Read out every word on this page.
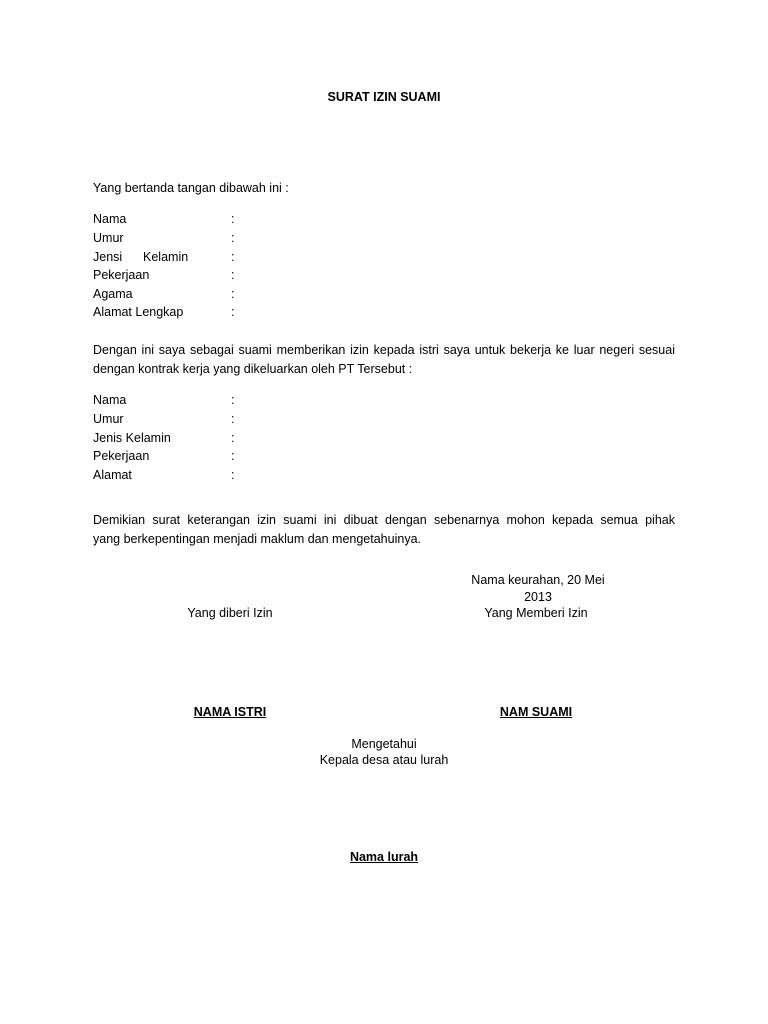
SURAT IZIN SUAMI
Yang bertanda tangan dibawah ini :
Nama	:
Umur	:
Jensi      Kelamin	:
Pekerjaan	:
Agama	:
Alamat Lengkap	:
Dengan ini saya sebagai suami memberikan izin kepada istri saya untuk bekerja ke luar negeri sesuai
dengan kontrak kerja yang dikeluarkan oleh PT Tersebut :
Nama	:
Umur	:
Jenis Kelamin	:
Pekerjaan	:
Alamat	:
Demikian surat keterangan izin suami ini dibuat dengan sebenarnya mohon kepada semua pihak
yang berkepentingan menjadi maklum dan mengetahuinya.
Nama keurahan, 20 Mei
2013
Yang diberi Izin	Yang Memberi Izin
NAMA ISTRI	NAM SUAMI
Mengetahui
Kepala desa atau lurah
Nama lurah
